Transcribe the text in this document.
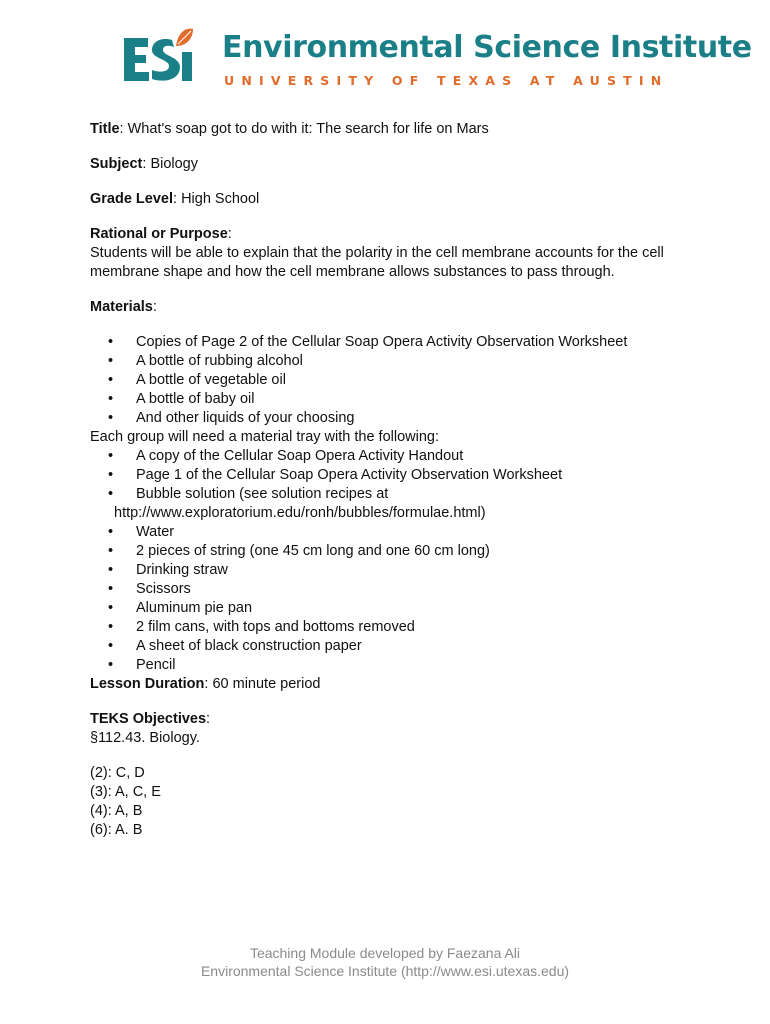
Environmental Science Institute
UNIVERSITY OF TEXAS AT AUSTIN

Title: What's soap got to do with it: The search for life on Mars

Subject: Biology

Grade Level: High School

Rational or Purpose:

Students will be able to explain that the polarity in the cell membrane accounts for the cell membrane shape and how the cell membrane allows substances to pass through.

Materials:

• Copies of Page 2 of the Cellular Soap Opera Activity Observation Worksheet
• A bottle of rubbing alcohol
• A bottle of vegetable oil
• A bottle of baby oil
• And other liquids of your choosing

Each group will need a material tray with the following:

• A copy of the Cellular Soap Opera Activity Handout
• Page 1 of the Cellular Soap Opera Activity Observation Worksheet
• Bubble solution (see solution recipes at
http://www.exploratorium.edu/ronh/bubbles/formulae.html)
• Water
• 2 pieces of string (one 45 cm long and one 60 cm long)
• Drinking straw
• Scissors
• Aluminum pie pan
• 2 film cans, with tops and bottoms removed
• A sheet of black construction paper
• Pencil

Lesson Duration: 60 minute period

TEKS Objectives:
§112.43. Biology.
(2): C, D
(3): A, C, E
(4): A, B
(6): A. B
Teaching Module developed by Faezana Ali
Environmental Science Institute (http://www.esi.utexas.edu)
